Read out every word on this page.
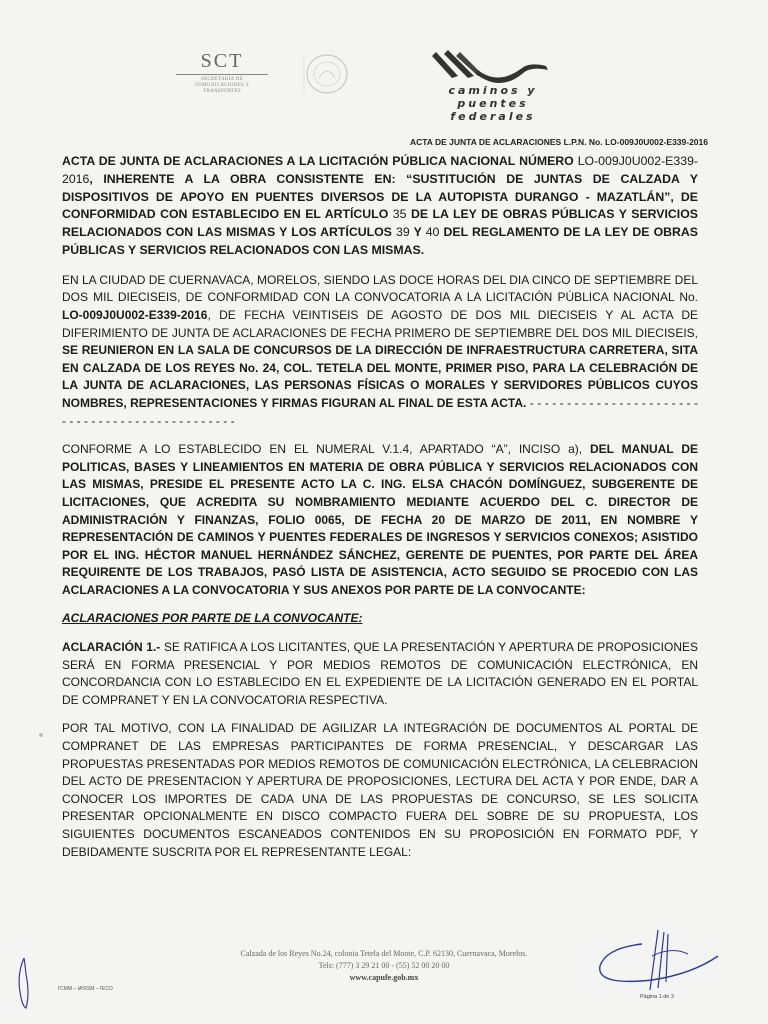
SCT
SECRETARÍA DE COMUNICACIONES Y TRANSPORTES	caminos y puentes
federales
ACTA DE JUNTA DE ACLARACIONES L.P.N. No. LO-009J0U002-E339-2016

ACTA DE JUNTA DE ACLARACIONES A LA LICITACIÓN PÚBLICA NACIONAL NÚMERO LO-009J0U002-E339-2016, INHERENTE A LA OBRA CONSISTENTE EN: “SUSTITUCIÓN DE JUNTAS DE CALZADA Y DISPOSITIVOS DE APOYO EN PUENTES DIVERSOS DE LA AUTOPISTA DURANGO - MAZATLÁN”, DE CONFORMIDAD CON ESTABLECIDO EN EL ARTÍCULO 35 DE LA LEY DE OBRAS PÚBLICAS Y SERVICIOS RELACIONADOS CON LAS MISMAS Y LOS ARTÍCULOS 39 Y 40 DEL REGLAMENTO DE LA LEY DE OBRAS PÚBLICAS Y SERVICIOS RELACIONADOS CON LAS MISMAS.

EN LA CIUDAD DE CUERNAVACA, MORELOS, SIENDO LAS DOCE HORAS DEL DIA CINCO DE SEPTIEMBRE DEL DOS MIL DIECISEIS, DE CONFORMIDAD CON LA CONVOCATORIA A LA LICITACIÓN PÚBLICA NACIONAL No. LO-009J0U002-E339-2016, DE FECHA VEINTISEIS DE AGOSTO DE DOS MIL DIECISEIS Y AL ACTA DE DIFERIMIENTO DE JUNTA DE ACLARACIONES DE FECHA PRIMERO DE SEPTIEMBRE DEL DOS MIL DIECISEIS, SE REUNIERON EN LA SALA DE CONCURSOS DE LA DIRECCIÓN DE INFRAESTRUCTURA CARRETERA, SITA EN CALZADA DE LOS REYES No. 24, COL. TETELA DEL MONTE, PRIMER PISO, PARA LA CELEBRACIÓN DE LA JUNTA DE ACLARACIONES, LAS PERSONAS FÍSICAS O MORALES Y SERVIDORES PÚBLICOS CUYOS NOMBRES, REPRESENTACIONES Y FIRMAS FIGURAN AL FINAL DE ESTA ACTA. - - - - - - - - - - - - - - - - - - - - - - - - - - - - - - - - - - - - - - - - - - - - - - -

CONFORME A LO ESTABLECIDO EN EL NUMERAL V.1.4, APARTADO “A”, INCISO a), DEL MANUAL DE POLITICAS, BASES Y LINEAMIENTOS EN MATERIA DE OBRA PÚBLICA Y SERVICIOS RELACIONADOS CON LAS MISMAS, PRESIDE EL PRESENTE ACTO LA C. ING. ELSA CHACÓN DOMÍNGUEZ, SUBGERENTE DE LICITACIONES, QUE ACREDITA SU NOMBRAMIENTO MEDIANTE ACUERDO DEL C. DIRECTOR DE ADMINISTRACIÓN Y FINANZAS, FOLIO 0065, DE FECHA 20 DE MARZO DE 2011, EN NOMBRE Y REPRESENTACIÓN DE CAMINOS Y PUENTES FEDERALES DE INGRESOS Y SERVICIOS CONEXOS; ASISTIDO POR EL ING. HÉCTOR MANUEL HERNÁNDEZ SÁNCHEZ, GERENTE DE PUENTES, POR PARTE DEL ÁREA REQUIRENTE DE LOS TRABAJOS, PASÓ LISTA DE ASISTENCIA, ACTO SEGUIDO SE PROCEDIO CON LAS ACLARACIONES A LA CONVOCATORIA Y SUS ANEXOS POR PARTE DE LA CONVOCANTE:

ACLARACIONES POR PARTE DE LA CONVOCANTE:

ACLARACIÓN 1.- SE RATIFICA A LOS LICITANTES, QUE LA PRESENTACIÓN Y APERTURA DE PROPOSICIONES SERÁ EN FORMA PRESENCIAL Y POR MEDIOS REMOTOS DE COMUNICACIÓN ELECTRÓNICA, EN CONCORDANCIA CON LO ESTABLECIDO EN EL EXPEDIENTE DE LA LICITACIÓN GENERADO EN EL PORTAL DE COMPRANET Y EN LA CONVOCATORIA RESPECTIVA.

POR TAL MOTIVO, CON LA FINALIDAD DE AGILIZAR LA INTEGRACIÓN DE DOCUMENTOS AL PORTAL DE COMPRANET DE LAS EMPRESAS PARTICIPANTES DE FORMA PRESENCIAL, Y DESCARGAR LAS PROPUESTAS PRESENTADAS POR MEDIOS REMOTOS DE COMUNICACIÓN ELECTRÓNICA, LA CELEBRACION DEL ACTO DE PRESENTACION Y APERTURA DE PROPOSICIONES, LECTURA DEL ACTA Y POR ENDE, DAR A CONOCER LOS IMPORTES DE CADA UNA DE LAS PROPUESTAS DE CONCURSO, SE LES SOLICITA PRESENTAR OPCIONALMENTE EN DISCO COMPACTO FUERA DEL SOBRE DE SU PROPUESTA, LOS SIGUIENTES DOCUMENTOS ESCANEADOS CONTENIDOS EN SU PROPOSICIÓN EN FORMATO PDF, Y DEBIDAMENTE SUSCRITA POR EL REPRESENTANTE LEGAL:

Calzada de los Reyes No.24, colonia Tetela del Monte, C.P. 62130, Cuernavaca, Morelos.
Tels: (777) 3 29 21 00 - (55) 52 00 20 00
www.capufe.gob.mx
l'CMM – IA'RSM – l'ECO
Página 1 de 3
